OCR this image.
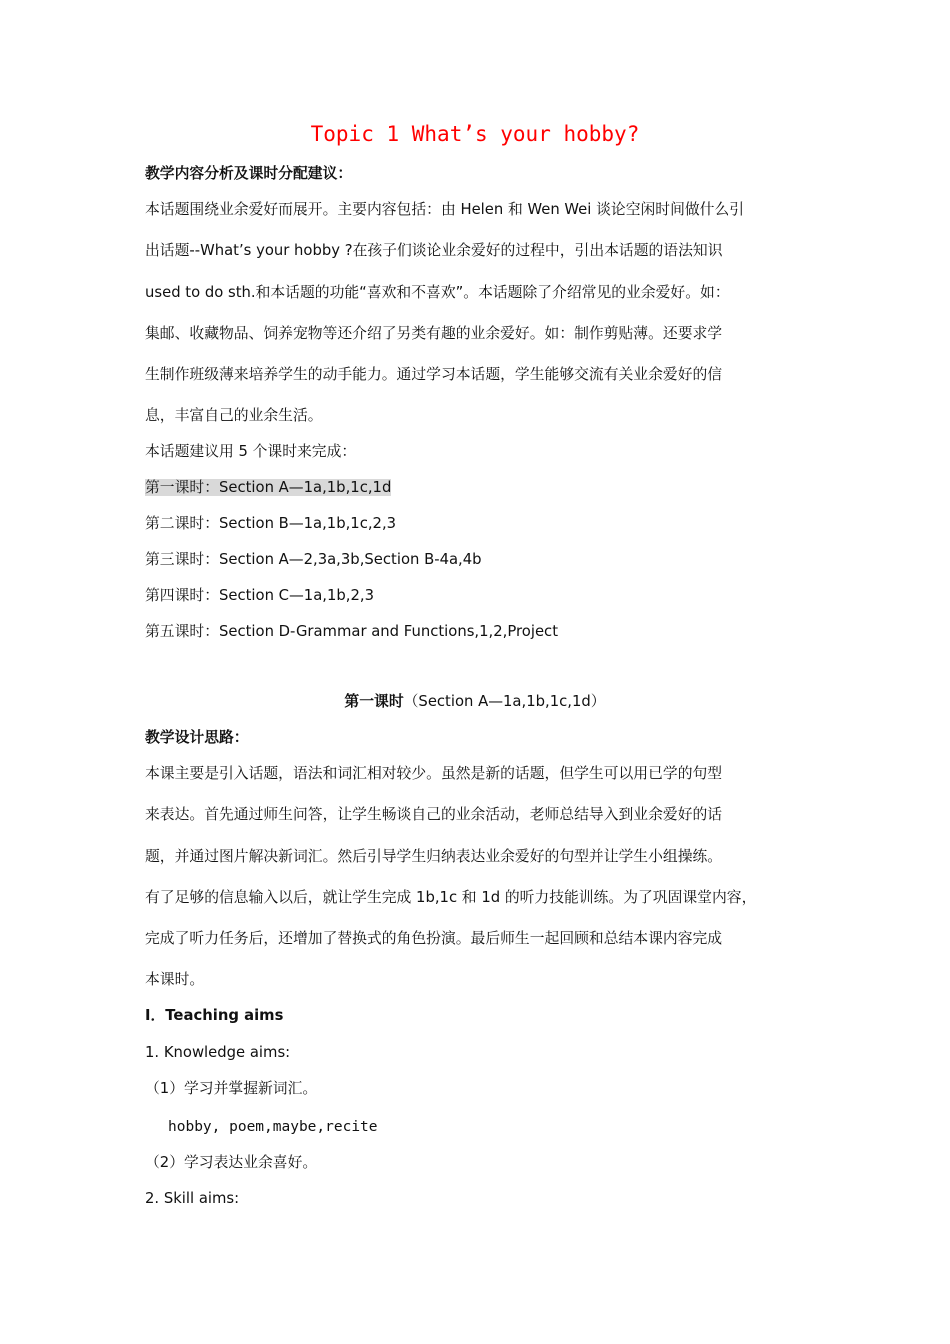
Topic 1 What’s your hobby?
教学内容分析及课时分配建议：
本话题围绕业余爱好而展开。主要内容包括：由 Helen 和 Wen Wei 谈论空闲时间做什么引
出话题--What’s your hobby ?在孩子们谈论业余爱好的过程中，引出本话题的语法知识
used to do sth.和本话题的功能“喜欢和不喜欢”。本话题除了介绍常见的业余爱好。如：
集邮、收藏物品、饲养宠物等还介绍了另类有趣的业余爱好。如：制作剪贴薄。还要求学
生制作班级薄来培养学生的动手能力。通过学习本话题，学生能够交流有关业余爱好的信
息，丰富自己的业余生活。
本话题建议用 5 个课时来完成：
第一课时：Section A—1a,1b,1c,1d
第二课时：Section B—1a,1b,1c,2,3
第三课时：Section A—2,3a,3b,Section B-4a,4b
第四课时：Section C—1a,1b,2,3
第五课时：Section D-Grammar and Functions,1,2,Project
第一课时（Section A—1a,1b,1c,1d）
教学设计思路：
本课主要是引入话题，语法和词汇相对较少。虽然是新的话题，但学生可以用已学的句型
来表达。首先通过师生问答，让学生畅谈自己的业余活动，老师总结导入到业余爱好的话
题，并通过图片解决新词汇。然后引导学生归纳表达业余爱好的句型并让学生小组操练。
有了足够的信息输入以后，就让学生完成 1b,1c 和 1d 的听力技能训练。为了巩固课堂内容，
完成了听力任务后，还增加了替换式的角色扮演。最后师生一起回顾和总结本课内容完成
本课时。
Ⅰ．Teaching aims
1. Knowledge aims:
（1）学习并掌握新词汇。
hobby, poem,maybe,recite
（2）学习表达业余喜好。
2. Skill aims:
